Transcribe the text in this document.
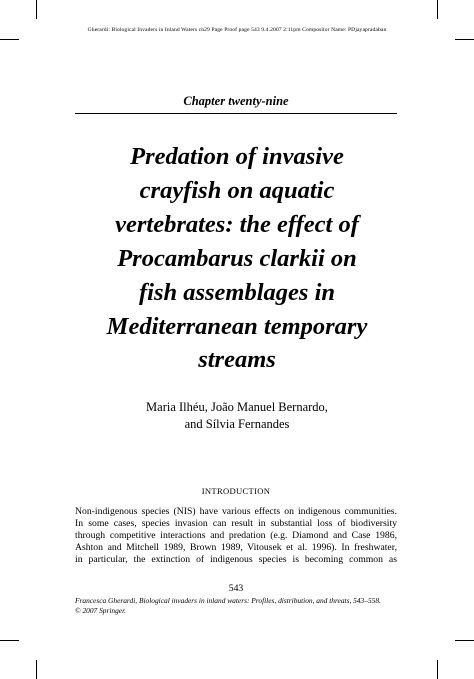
Gherardi: Biological Invaders in Inland Waters ch29 Page Proof page 543 9.4.2007 2:11pm Compositor Name: PDjayapradaban
Chapter twenty-nine
Predation of invasive
crayfish on aquatic
vertebrates: the effect of
Procambarus clarkii on
fish assemblages in
Mediterranean temporary
streams
Maria Ilhéu, João Manuel Bernardo,
and Sílvia Fernandes
INTRODUCTION
Non-indigenous species (NIS) have various effects on indigenous communities.
In some cases, species invasion can result in substantial loss of biodiversity
through competitive interactions and predation (e.g. Diamond and Case 1986,
Ashton and Mitchell 1989, Brown 1989, Vitousek et al. 1996). In freshwater,
in particular, the extinction of indigenous species is becoming common as
543
Francesca Gherardi, Biological invaders in inland waters: Profiles, distribution, and threats, 543–558.
© 2007 Springer.
